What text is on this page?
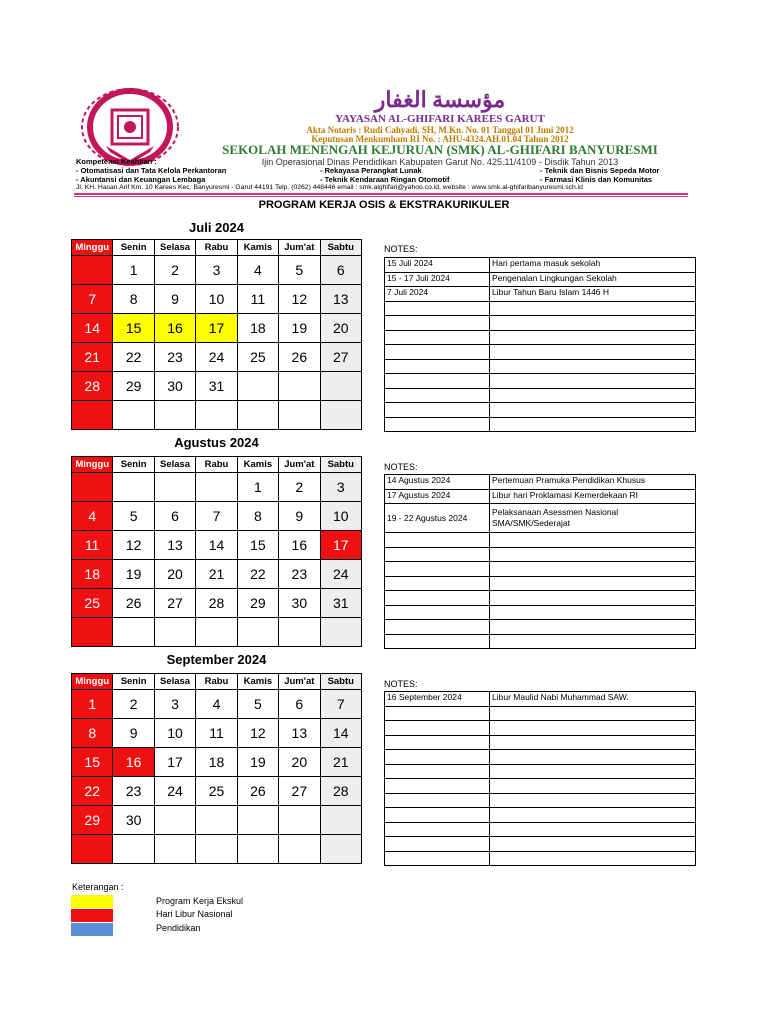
مؤسسة الغفار
YAYASAN AL-GHIFARI KAREES GARUT
Akta Notaris : Rudi Cahyadi, SH, M.Kn. No. 01 Tanggal 01 Juni 2012
Keputusan Menkumham RI No. : AHU-4324.AH.01.04 Tahun 2012
SEKOLAH MENENGAH KEJURUAN (SMK) AL-GHIFARI BANYURESMI
Ijin Operasional Dinas Pendidikan Kabupaten Garut No. 425.11/4109 - Disdik Tahun 2013
Kompetensi Keahlian :
- Otomatisasi dan Tata Kelola Perkantoran
- Akuntansi dan Keuangan Lembaga
- Rekayasa Perangkat Lunak
- Teknik Kendaraan Ringan Otomotif
- Teknik dan Bisnis Sepeda Motor
- Farmasi Klinis dan Komunitas
Jl. KH. Hasan Arif Km. 10 Karees Kec. Banyuresmi - Garut 44191 Telp. (0262) 448446 email : smk.alghifari@yahoo.co.id, website : www.smk.al-ghifaribanyuresmi.sch.id
PROGRAM KERJA OSIS & EKSTRAKURIKULER
Juli 2024
Minggu	Senin	Selasa	Rabu	Kamis	Jum'at	Sabtu
	1	2	3	4	5	6
7	8	9	10	11	12	13
14	15	16	17	18	19	20
21	22	23	24	25	26	27
28	29	30	31			

NOTES:
15 Juli 2024	Hari pertama masuk sekolah
15 - 17 Juli 2024	Pengenalan Lingkungan Sekolah
7 Juli 2024	Libur Tahun Baru Islam 1446 H

Agustus 2024
Minggu	Senin	Selasa	Rabu	Kamis	Jum'at	Sabtu
				1	2	3
4	5	6	7	8	9	10
11	12	13	14	15	16	17
18	19	20	21	22	23	24
25	26	27	28	29	30	31

NOTES:
14 Agustus 2024	Pertemuan Pramuka Pendidikan Khusus
17 Agustus 2024	Libur hari Proklamasi Kemerdekaan RI
19 - 22 Agustus 2024	Pelaksanaan Asessmen Nasional SMA/SMK/Sederajat

September 2024
Minggu	Senin	Selasa	Rabu	Kamis	Jum'at	Sabtu
1	2	3	4	5	6	7
8	9	10	11	12	13	14
15	16	17	18	19	20	21
22	23	24	25	26	27	28
29	30					

NOTES:
16 September 2024	Libur Maulid Nabi Muhammad SAW.

Keterangan :
Program Kerja Ekskul
Hari Libur Nasional
Pendidikan
